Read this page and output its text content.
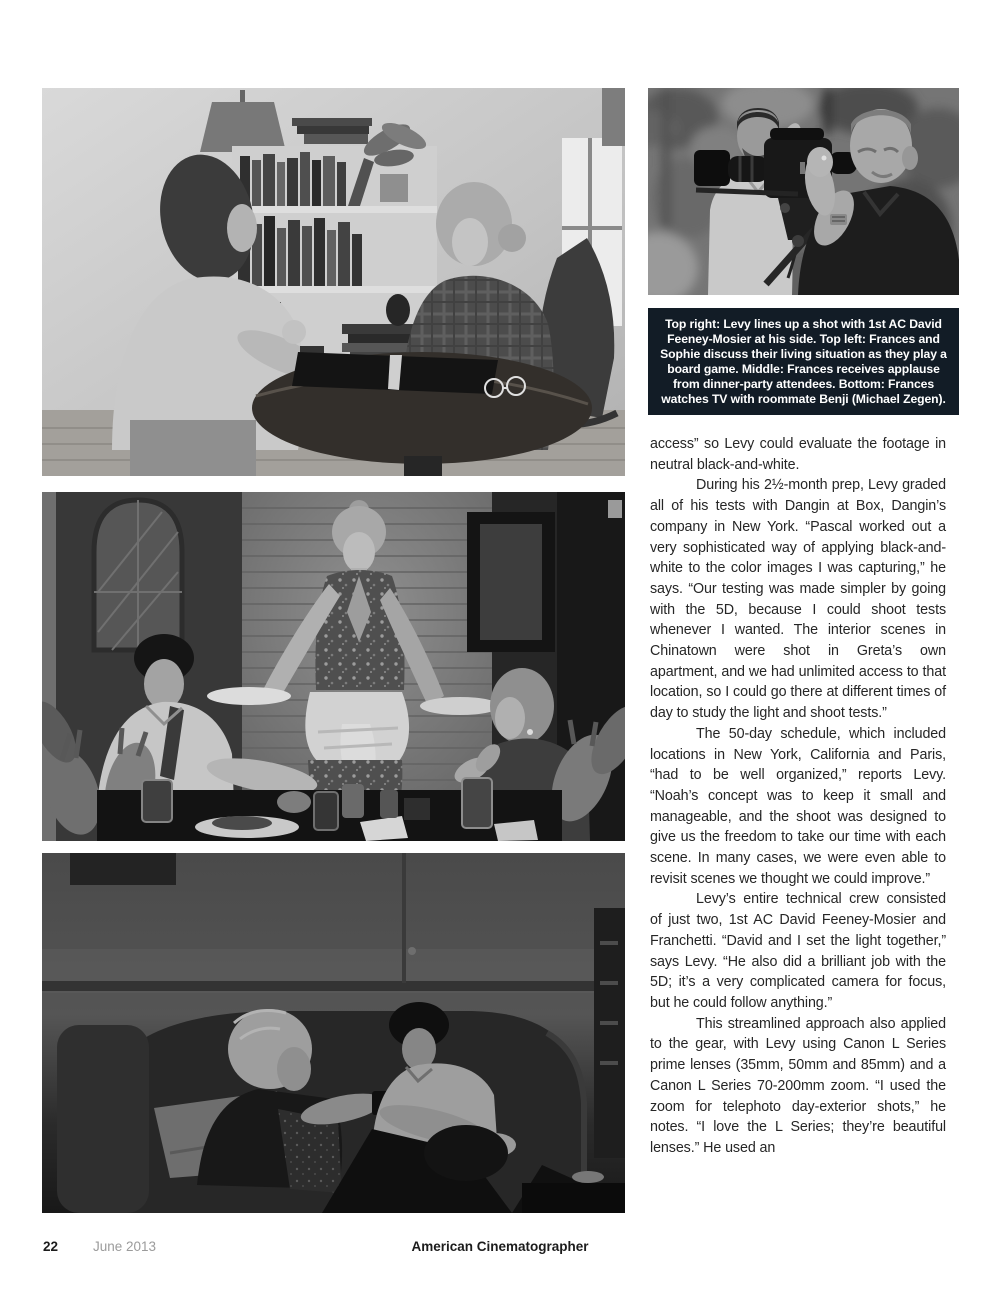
Top right: Levy lines up a shot with 1st AC David Feeney-Mosier at his side. Top left: Frances and Sophie discuss their living situation as they play a board game. Middle: Frances receives applause from dinner-party attendees. Bottom: Frances watches TV with roommate Benji (Michael Zegen).

access” so Levy could evaluate the footage in neutral black-and-white.

During his 2½-month prep, Levy graded all of his tests with Dangin at Box, Dangin’s company in New York. “Pascal worked out a very sophisticated way of applying black-and-white to the color images I was capturing,” he says. “Our testing was made simpler by going with the 5D, because I could shoot tests whenever I wanted. The interior scenes in Chinatown were shot in Greta’s own apartment, and we had unlimited access to that location, so I could go there at different times of day to study the light and shoot tests.”

The 50-day schedule, which included locations in New York, California and Paris, “had to be well organized,” reports Levy. “Noah’s concept was to keep it small and manageable, and the shoot was designed to give us the freedom to take our time with each scene. In many cases, we were even able to revisit scenes we thought we could improve.”

Levy’s entire technical crew consisted of just two, 1st AC David Feeney-Mosier and Franchetti. “David and I set the light together,” says Levy. “He also did a brilliant job with the 5D; it’s a very complicated camera for focus, but he could follow anything.”

This streamlined approach also applied to the gear, with Levy using Canon L Series prime lenses (35mm, 50mm and 85mm) and a Canon L Series 70-200mm zoom. “I used the zoom for telephoto day-exterior shots,” he notes. “I love the L Series; they’re beautiful lenses.” He used an

22	June 2013	American Cinematographer
